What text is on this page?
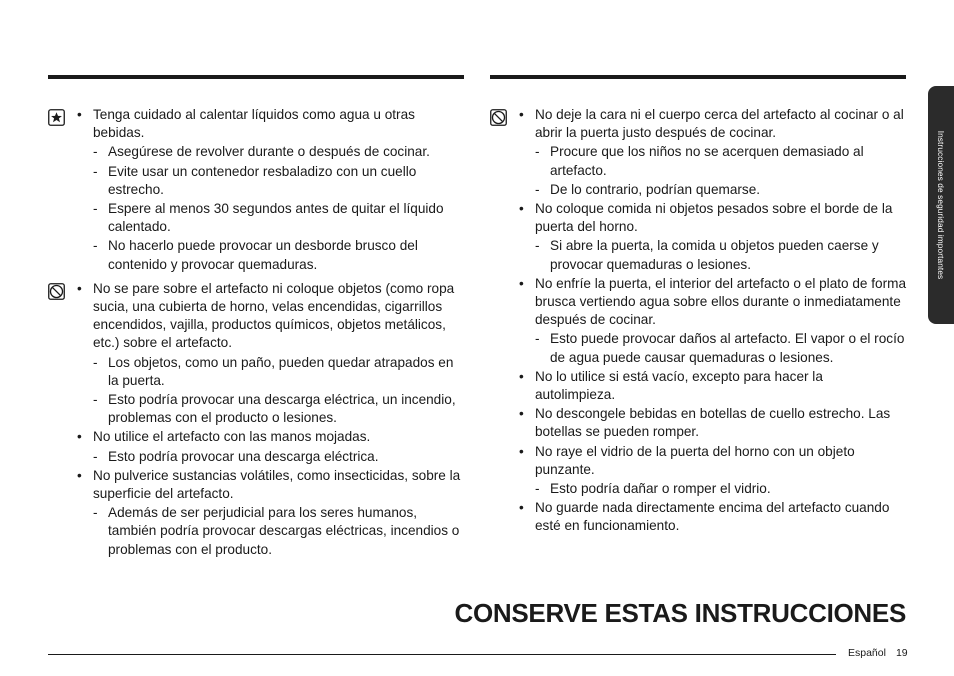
• Tenga cuidado al calentar líquidos como agua u otras bebidas.
- Asegúrese de revolver durante o después de cocinar.
- Evite usar un contenedor resbaladizo con un cuello estrecho.
- Espere al menos 30 segundos antes de quitar el líquido calentado.
- No hacerlo puede provocar un desborde brusco del contenido y provocar quemaduras.
• No se pare sobre el artefacto ni coloque objetos (como ropa sucia, una cubierta de horno, velas encendidas, cigarrillos encendidos, vajilla, productos químicos, objetos metálicos, etc.) sobre el artefacto.
- Los objetos, como un paño, pueden quedar atrapados en la puerta.
- Esto podría provocar una descarga eléctrica, un incendio, problemas con el producto o lesiones.
• No utilice el artefacto con las manos mojadas.
- Esto podría provocar una descarga eléctrica.
• No pulverice sustancias volátiles, como insecticidas, sobre la superficie del artefacto.
- Además de ser perjudicial para los seres humanos, también podría provocar descargas eléctricas, incendios o problemas con el producto.
• No deje la cara ni el cuerpo cerca del artefacto al cocinar o al abrir la puerta justo después de cocinar.
- Procure que los niños no se acerquen demasiado al artefacto.
- De lo contrario, podrían quemarse.
• No coloque comida ni objetos pesados sobre el borde de la puerta del horno.
- Si abre la puerta, la comida u objetos pueden caerse y provocar quemaduras o lesiones.
• No enfríe la puerta, el interior del artefacto o el plato de forma brusca vertiendo agua sobre ellos durante o inmediatamente después de cocinar.
- Esto puede provocar daños al artefacto. El vapor o el rocío de agua puede causar quemaduras o lesiones.
• No lo utilice si está vacío, excepto para hacer la autolimpieza.
• No descongele bebidas en botellas de cuello estrecho. Las botellas se pueden romper.
• No raye el vidrio de la puerta del horno con un objeto punzante.
- Esto podría dañar o romper el vidrio.
• No guarde nada directamente encima del artefacto cuando esté en funcionamiento.
CONSERVE ESTAS INSTRUCCIONES
Español 19
Instrucciones de seguridad importantes
